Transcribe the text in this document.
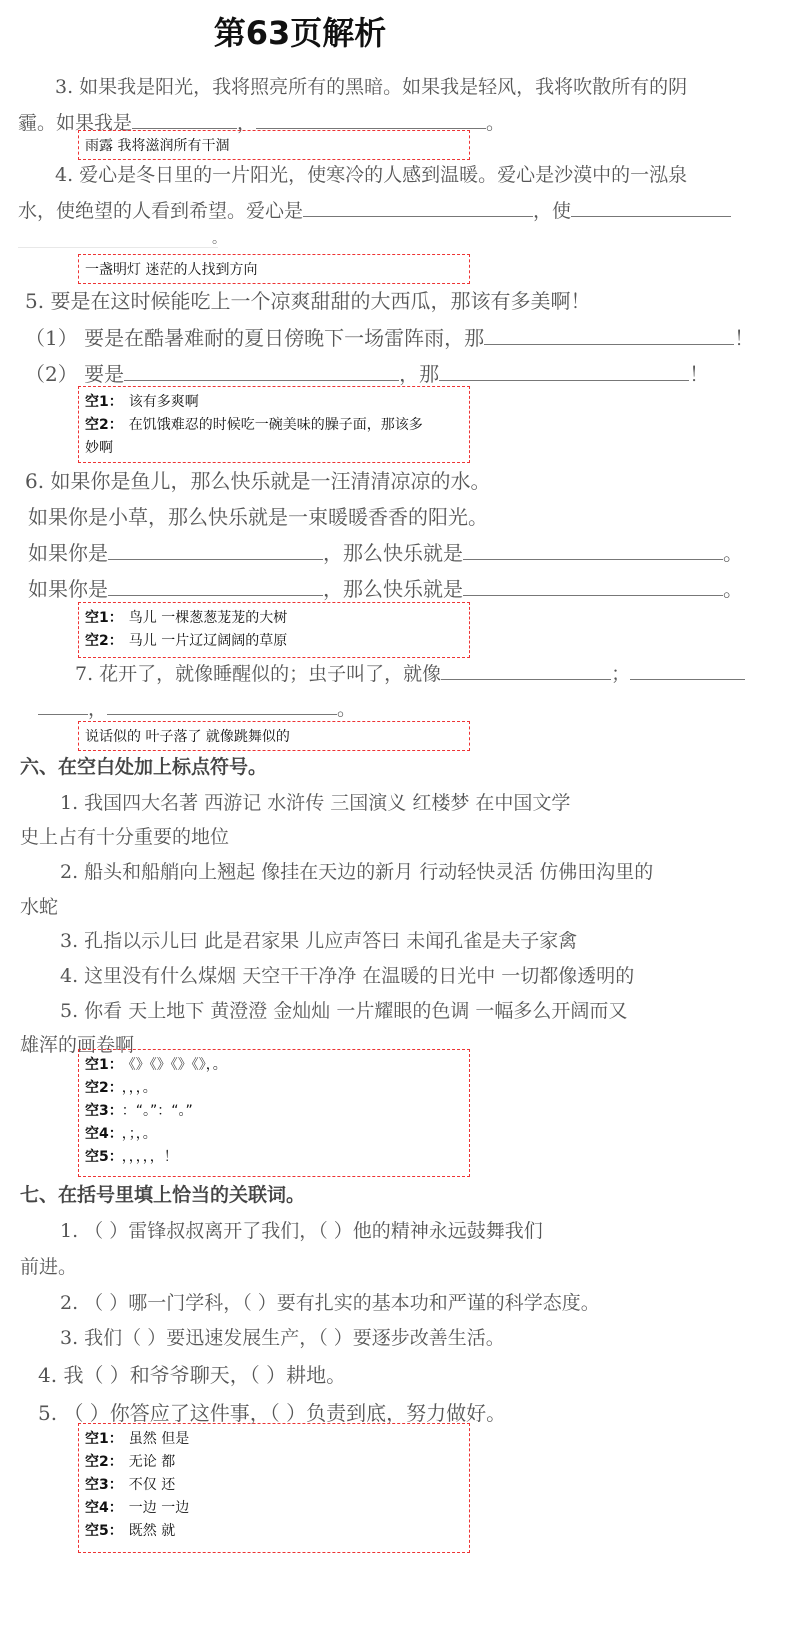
第63页解析
3. 如果我是阳光，我将照亮所有的黑暗。如果我是轻风，我将吹散所有的阴
霾。如果我是	，	。
雨露 我将滋润所有干涸
4. 爱心是冬日里的一片阳光，使寒冷的人感到温暖。爱心是沙漠中的一泓泉
水，使绝望的人看到希望。爱心是	，使
。
一盏明灯 迷茫的人找到方向
5. 要是在这时候能吃上一个凉爽甜甜的大西瓜，那该有多美啊！
（1） 要是在酷暑难耐的夏日傍晚下一场雷阵雨，那	！
（2） 要是	，那	！
空1： 该有多爽啊
空2： 在饥饿难忍的时候吃一碗美味的臊子面，那该多
妙啊
6. 如果你是鱼儿，那么快乐就是一汪清清凉凉的水。
如果你是小草，那么快乐就是一束暖暖香香的阳光。
如果你是	，那么快乐就是	。
如果你是	，那么快乐就是	。
空1： 鸟儿 一棵葱葱茏茏的大树
空2： 马儿 一片辽辽阔阔的草原
7. 花开了，就像睡醒似的；虫子叫了，就像	；
，	。
说话似的 叶子落了 就像跳舞似的
六、在空白处加上标点符号。
1. 我国四大名著 西游记 水浒传 三国演义 红楼梦 在中国文学
史上占有十分重要的地位
2. 船头和船艄向上翘起 像挂在天边的新月 行动轻快灵活 仿佛田沟里的
水蛇
3. 孔指以示儿曰 此是君家果 儿应声答曰 未闻孔雀是夫子家禽
4. 这里没有什么煤烟 天空干干净净 在温暖的日光中 一切都像透明的
5. 你看 天上地下 黄澄澄 金灿灿 一片耀眼的色调 一幅多么开阔而又
雄浑的画卷啊
空1： 《》《》《》《》，。
空2： ，，，。
空3： ：“。”：“。”
空4： ，；，。
空5： ，，，，，！
七、在括号里填上恰当的关联词。
1. （ ）雷锋叔叔离开了我们，（ ）他的精神永远鼓舞我们
前进。
2. （ ）哪一门学科，（ ）要有扎实的基本功和严谨的科学态度。
3. 我们（ ）要迅速发展生产，（ ）要逐步改善生活。
4. 我（ ）和爷爷聊天，（ ）耕地。
5. （ ）你答应了这件事，（ ）负责到底，努力做好。
空1： 虽然 但是
空2： 无论 都
空3： 不仅 还
空4： 一边 一边
空5： 既然 就
